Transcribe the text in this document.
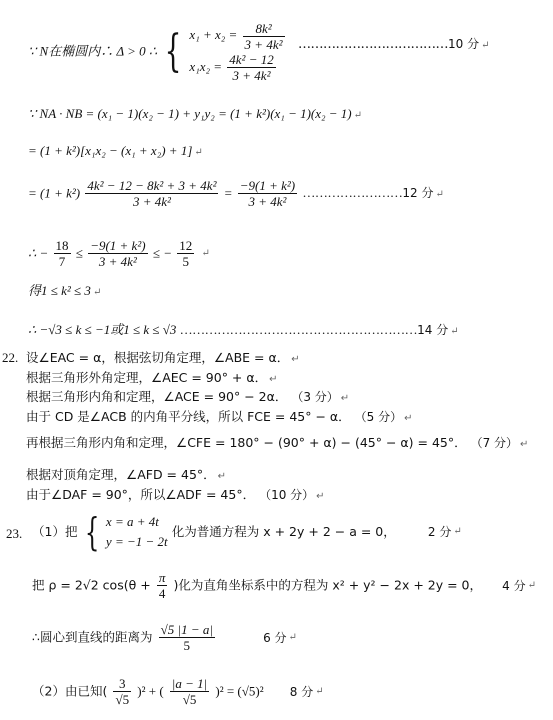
∵ N在椭圆内∴ Δ > 0 ∴ { $x_1 + x_2 = \frac{\text{8k²}}{\text{3 + 4k²}}$
$x_1x_2 = \frac{\text{4k² − 12}}{\text{3 + 4k²}}$
………………………………10 分 ↵
∵ NA · NB = (x₁ − 1)(x₂ − 1) + y₁y₂ = (1 + k²)(x₁ − 1)(x₂ − 1) ↵
= (1 + k²)[x₁x₂ − (x₁ + x₂) + 1] ↵
= $(1 + k^2) \frac{\text{4k² − 12 − 8k² + 3 + 4k²}}{\text{3 + 4k²}} = \frac{\text{−9(1 + k²)}}{\text{3 + 4k²}}$ ……………………12 分 ↵
∴ − $\frac{18}{7} \le \frac{\text{−9(1 + k²)}}{\text{3 + 4k²}}$ ≤ − $\frac{12}{5}$ ↵
得1 ≤ k² ≤ 3 ↵
∴ −√3 ≤ k ≤ −1或1 ≤ k ≤ √3 …………………………………………………14 分 ↵
22. 设∠EAC = α，根据弦切角定理，∠ABE = α． ↵
根据三角形外角定理，∠AEC = 90° + α． ↵
根据三角形内角和定理，∠ACE = 90° − 2α． （3 分） ↵
由于 CD 是∠ACB 的内角平分线，所以 FCE = 45° − α． （5 分） ↵
再根据三角形内角和定理，∠CFE = 180° − (90° + α) − (45° − α) = 45°． （7 分） ↵
根据对顶角定理，∠AFD = 45°． ↵
由于∠DAF = 90°，所以∠ADF = 45°． （10 分） ↵
23. （1）把 { x = a + 4t
y = −1 − 2t
化为普通方程为 x + 2y + 2 − a = 0，	2 分 ↵
把 ρ = 2√2 $\cos(\theta + \frac{\pi}{4}$ )化为直角坐标系中的方程为 x² + y² − 2x + 2y = 0， 4 分 ↵
∴圆心到直线的距离为 $\frac{√5 |1 - a|}{5}$	6 分 ↵
（2）由已知( $\frac{3}{√5} )^2$ + ( $\frac{|a - 1|}{√5} )^2 = (√5)^2$ 8 分 ↵
